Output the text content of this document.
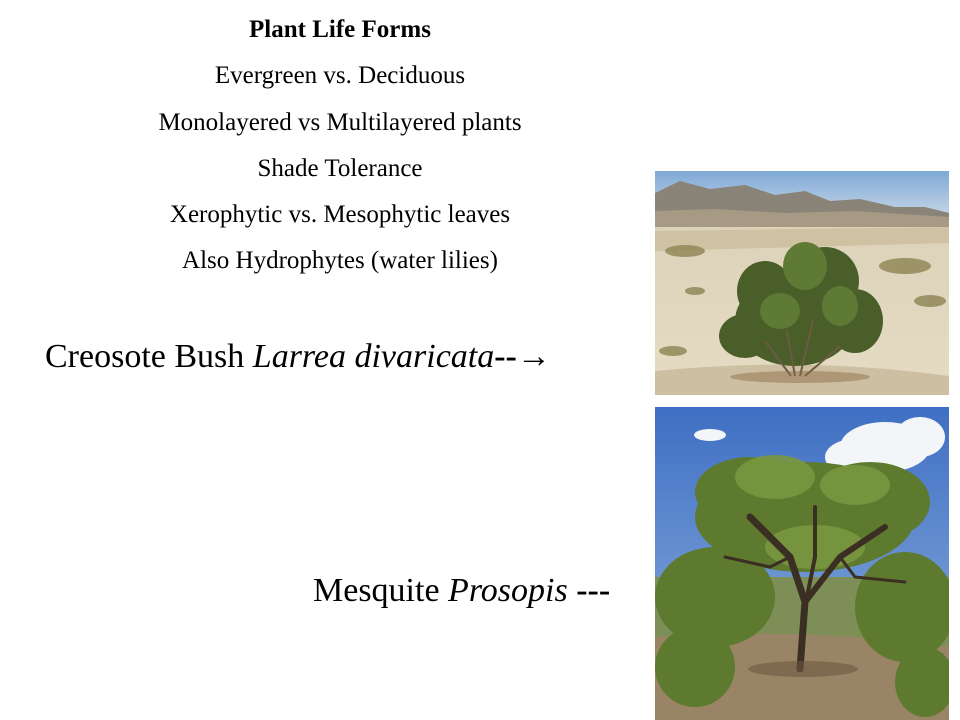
Plant Life Forms
Evergreen vs. Deciduous
Monolayered vs Multilayered plants
Shade Tolerance
Xerophytic vs. Mesophytic leaves
Also Hydrophytes (water lilies)
Creosote Bush Larrea divaricata--→
Mesquite Prosopis ---
